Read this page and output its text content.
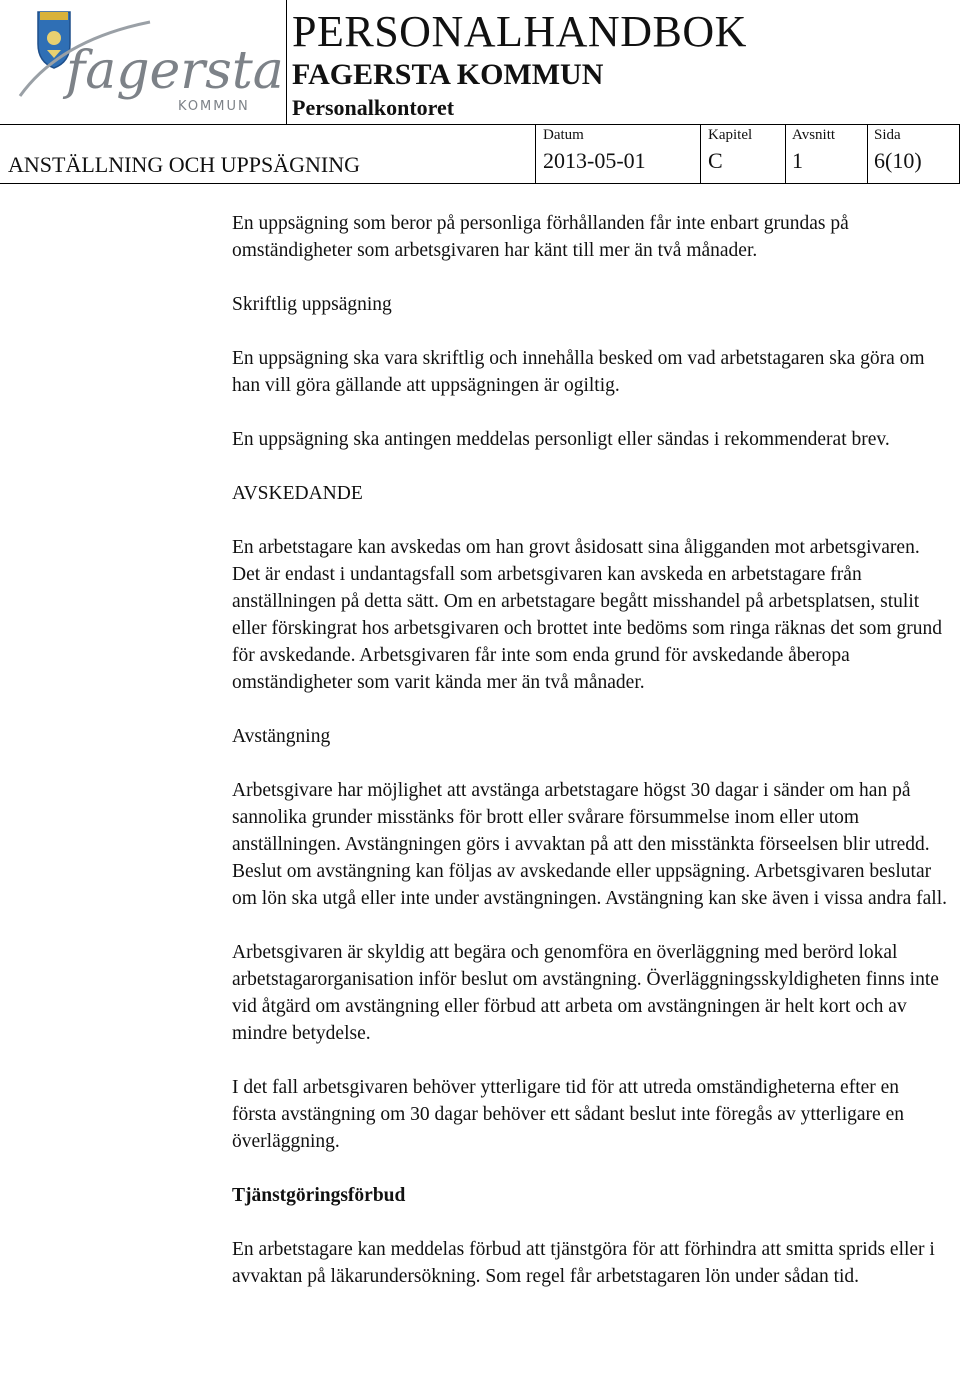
fagersta
KOMMUN
PERSONALHANDBOK
FAGERSTA KOMMUN
Personalkontoret
ANSTÄLLNING OCH UPPSÄGNING
Datum
2013-05-01
Kapitel
C
Avsnitt
1
Sida
6(10)

En uppsägning som beror på personliga förhållanden får inte enbart grundas på omständigheter som arbetsgivaren har känt till mer än två månader.

Skriftlig uppsägning

En uppsägning ska vara skriftlig och innehålla besked om vad arbetstagaren ska göra om han vill göra gällande att uppsägningen är ogiltig.

En uppsägning ska antingen meddelas personligt eller sändas i rekommenderat brev.

AVSKEDANDE

En arbetstagare kan avskedas om han grovt åsidosatt sina åligganden mot arbetsgivaren. Det är endast i undantagsfall som arbetsgivaren kan avskeda en arbetstagare från anställningen på detta sätt. Om en arbetstagare begått misshandel på arbetsplatsen, stulit eller förskingrat hos arbetsgivaren och brottet inte bedöms som ringa räknas det som grund för avskedande. Arbetsgivaren får inte som enda grund för avskedande åberopa omständigheter som varit kända mer än två månader.

Avstängning

Arbetsgivare har möjlighet att avstänga arbetstagare högst 30 dagar i sänder om han på sannolika grunder misstänks för brott eller svårare försummelse inom eller utom anställningen. Avstängningen görs i avvaktan på att den misstänkta förseelsen blir utredd. Beslut om avstängning kan följas av avskedande eller uppsägning. Arbetsgivaren beslutar om lön ska utgå eller inte under avstängningen. Avstängning kan ske även i vissa andra fall.

Arbetsgivaren är skyldig att begära och genomföra en överläggning med berörd lokal arbetstagarorganisation inför beslut om avstängning. Överläggningsskyldigheten finns inte vid åtgärd om avstängning eller förbud att arbeta om avstängningen är helt kort och av mindre betydelse.

I det fall arbetsgivaren behöver ytterligare tid för att utreda omständigheterna efter en första avstängning om 30 dagar behöver ett sådant beslut inte föregås av ytterligare en överläggning.

Tjänstgöringsförbud

En arbetstagare kan meddelas förbud att tjänstgöra för att förhindra att smitta sprids eller i avvaktan på läkarundersökning. Som regel får arbetstagaren lön under sådan tid.
